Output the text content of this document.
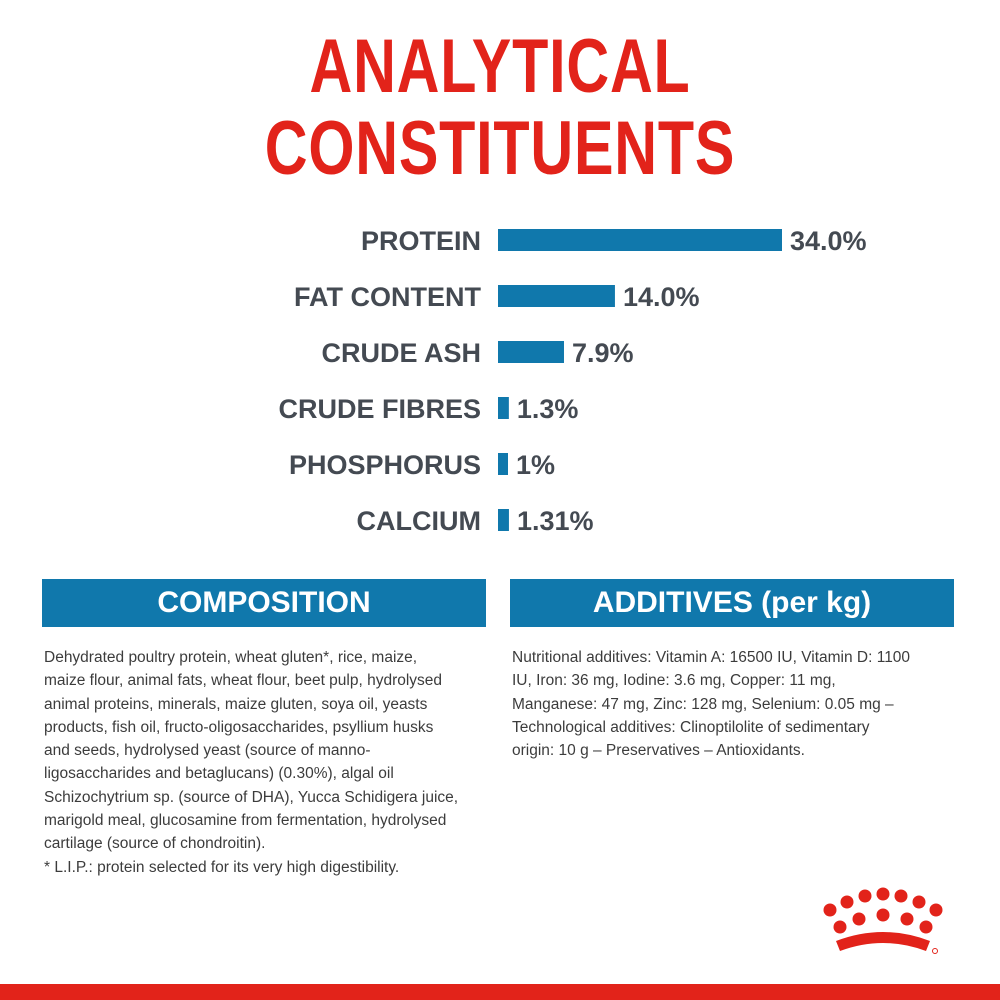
ANALYTICAL
CONSTITUENTS
PROTEIN	34.0%
FAT CONTENT	14.0%
CRUDE ASH	7.9%
CRUDE FIBRES 1.3%
PHOSPHORUS 1%
CALCIUM 1.31%
COMPOSITION
Dehydrated poultry protein, wheat gluten*, rice, maize,
maize flour, animal fats, wheat flour, beet pulp, hydrolysed
animal proteins, minerals, maize gluten, soya oil, yeasts
products, fish oil, fructo-oligosaccharides, psyllium husks
and seeds, hydrolysed yeast (source of manno-
ligosaccharides and betaglucans) (0.30%), algal oil
Schizochytrium sp. (source of DHA), Yucca Schidigera juice,
marigold meal, glucosamine from fermentation, hydrolysed
cartilage (source of chondroitin).
* L.I.P.: protein selected for its very high digestibility.
ADDITIVES (per kg)
Nutritional additives: Vitamin A: 16500 IU, Vitamin D: 1100
IU, Iron: 36 mg, Iodine: 3.6 mg, Copper: 11 mg,
Manganese: 47 mg, Zinc: 128 mg, Selenium: 0.05 mg –
Technological additives: Clinoptilolite of sedimentary
origin: 10 g – Preservatives – Antioxidants.
